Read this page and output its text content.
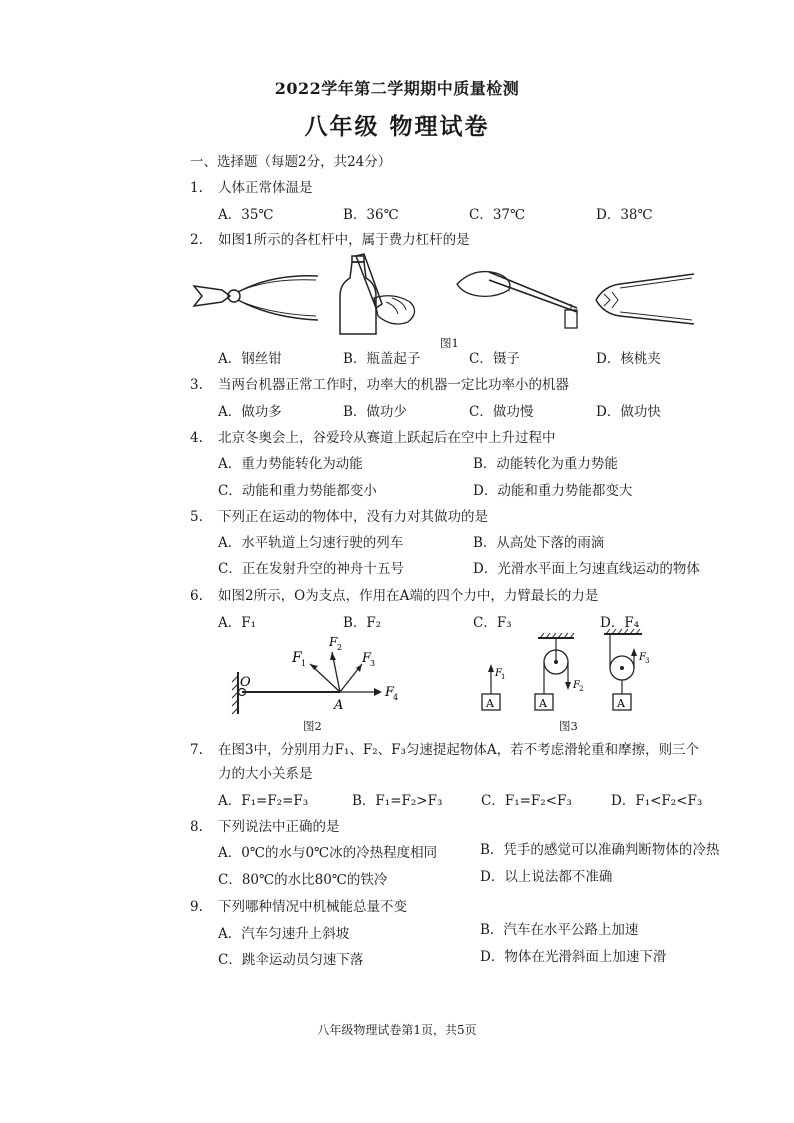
2022学年第二学期期中质量检测
八年级 物理试卷
一、选择题（每题2分，共24分）
1. 人体正常体温是
A．35℃	B．36℃	C．37℃	D．38℃
2. 如图1所示的各杠杆中，属于费力杠杆的是
图1
A．钢丝钳	B．瓶盖起子	C．镊子	D．核桃夹
3. 当两台机器正常工作时，功率大的机器一定比功率小的机器
A．做功多	B．做功少	C．做功慢	D．做功快
4. 北京冬奥会上，谷爱玲从赛道上跃起后在空中上升过程中
A．重力势能转化为动能	B．动能转化为重力势能
C．动能和重力势能都变小	D．动能和重力势能都变大
5. 下列正在运动的物体中，没有力对其做功的是
A．水平轨道上匀速行驶的列车	B．从高处下落的雨滴
C．正在发射升空的神舟十五号	D．光滑水平面上匀速直线运动的物体
6. 如图2所示，O为支点，作用在A端的四个力中，力臂最长的力是
A．F₁	B．F₂	C．F₃	D．F₄
O
A
F 1
F 2
F
3
F
4
图2
A
F 1
A
F 2
F 3
A
图3
7. 在图3中，分别用力F₁、F₂、F₃匀速提起物体A，若不考虑滑轮重和摩擦，则三个
力的大小关系是
A．F₁=F₂=F₃	B．F₁=F₂>F₃	C．F₁=F₂<F₃	D．F₁<F₂<F₃
8. 下列说法中正确的是
A．0℃的水与0℃冰的冷热程度相同	B．凭手的感觉可以准确判断物体的冷热
C．80℃的水比80℃的铁冷	D．以上说法都不准确
9. 下列哪种情况中机械能总量不变
A．汽车匀速升上斜坡	B．汽车在水平公路上加速
C．跳伞运动员匀速下落	D．物体在光滑斜面上加速下滑
八年级物理试卷第1页，共5页
